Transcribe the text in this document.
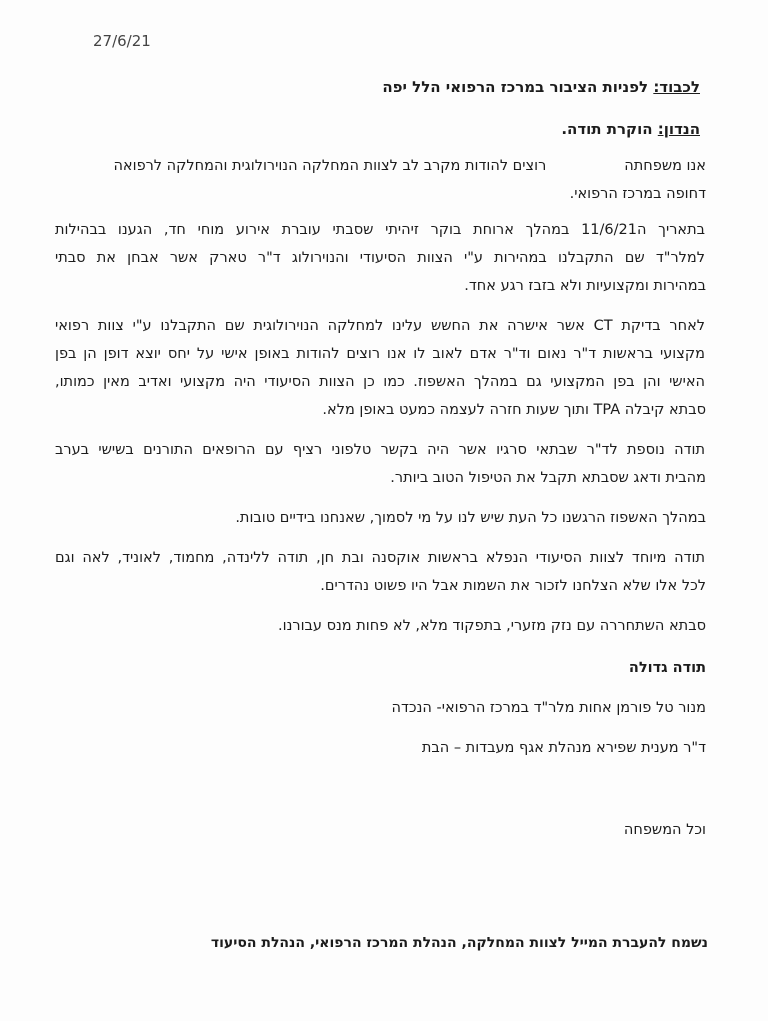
27/6/21
לכבוד: לפניות הציבור במרכז הרפואי הלל יפה
הנדון: הוקרת תודה.
אנו משפחתהרוצים להודות מקרב לב לצוות המחלקה הנוירולוגית והמחלקה לרפואה
דחופה במרכז הרפואי.
בתאריך ה11/6/21 במהלך ארוחת בוקר זיהיתי שסבתי עוברת אירוע מוחי חד, הגענו בבהילות
למלר"ד שם התקבלנו במהירות ע"י הצוות הסיעודי והנוירולוג ד"ר טארק אשר אבחן את סבתי
במהירות ומקצועיות ולא בזבז רגע אחד.
לאחר בדיקת CT אשר אישרה את החשש עלינו למחלקה הנוירולוגית שם התקבלנו ע"י צוות רפואי
מקצועי בראשות ד"ר נאום וד"ר אדם לאוב לו אנו רוצים להודות באופן אישי על יחס יוצא דופן הן בפן
האישי והן בפן המקצועי גם במהלך האשפוז. כמו כן הצוות הסיעודי היה מקצועי ואדיב מאין כמותו,
סבתא קיבלה TPA ותוך שעות חזרה לעצמה כמעט באופן מלא.
תודה נוספת לד"ר שבתאי סרגיו אשר היה בקשר טלפוני רציף עם הרופאים התורנים בשישי בערב
מהבית ודאג שסבתא תקבל את הטיפול הטוב ביותר.
במהלך האשפוז הרגשנו כל העת שיש לנו על מי לסמוך, שאנחנו בידיים טובות.
תודה מיוחד לצוות הסיעודי הנפלא בראשות אוקסנה ובת חן, תודה ללינדה, מחמוד, לאוניד, לאה וגם
לכל אלו שלא הצלחנו לזכור את השמות אבל היו פשוט נהדרים.
סבתא השתחררה עם נזק מזערי, בתפקוד מלא, לא פחות מנס עבורנו.
תודה גדולה
מנור טל פורמן אחות מלר"ד במרכז הרפואי- הנכדה
ד"ר מענית שפירא מנהלת אגף מעבדות – הבת
וכל המשפחה
נשמח להעברת המייל לצוות המחלקה, הנהלת המרכז הרפואי, הנהלת הסיעוד
